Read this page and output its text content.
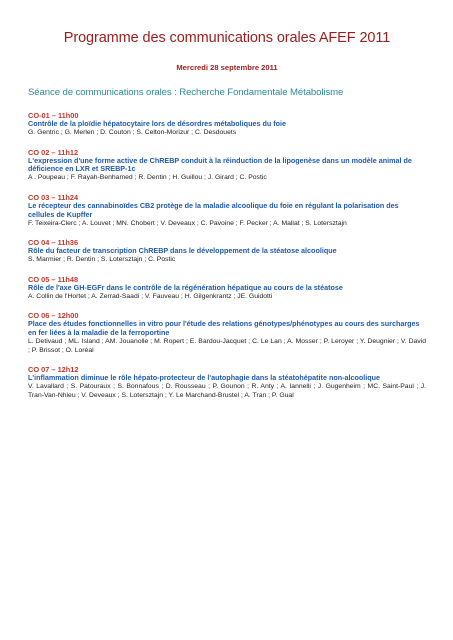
Programme des communications orales AFEF 2011
Mercredi 28 septembre 2011
Séance de communications orales : Recherche Fondamentale Métabolisme
CO-01 – 11h00
Contrôle de la ploïdie hépatocytaire lors de désordres métaboliques du foie
G. Gentric ; G. Merlen ; D. Couton ; S. Celton-Morizur ; C. Desdouets
CO 02 – 11h12
L'expression d'une forme active de ChREBP conduit à la réinduction de la lipogenèse dans un modèle animal de déficience en LXR et SREBP-1c
A . Poupeau ; F. Rayah-Benhamed ; R. Dentin ; H. Guillou ; J. Girard ; C. Postic
CO 03 – 11h24
Le récepteur des cannabinoïdes CB2 protège de la maladie alcoolique du foie en régulant la polarisation des cellules de Kupffer
F. Teixeira-Clerc ; A. Louvet ; MN. Chobert ; V. Deveaux ; C. Pavoine ; F. Pecker ; A. Mallat ; S. Lotersztajn
CO 04 – 11h36
Rôle du facteur de transcription ChREBP dans le développement de la stéatose alcoolique
S. Marmier ; R. Dentin ; S. Lotersztajn ; C. Postic
CO 05 – 11h48
Rôle de l'axe GH-EGFr dans le contrôle de la régénération hépatique au cours de la stéatose
A. Collin de l'Hortet ; A. Zerrad-Saadi ; V. Fauveau ; H. Gilgenkrantz ; JE. Guidotti
CO 06 – 12h00
Place des études fonctionnelles in vitro pour l'étude des relations génotypes/phénotypes au cours des surcharges en fer liées à la maladie de la ferroportine
L. Detivaud ; ML. Island ; AM. Jouanolle ; M. Ropert ; E. Bardou-Jacquet ; C. Le Lan ; A. Mosser ; P. Leroyer ; Y. Deugnier ; V. David ; P. Brissot ; O. Loréal
CO 07 – 12h12
L'inflammation diminue le rôle hépato-protecteur de l'autophagie dans la stéatohépatite non-alcoolique
V. Lavallard ; S. Patouraux ; S. Bonnafous ; D. Rousseau ; P. Gounon ; R. Anty ; A. Iannelli ; J. Gugenheim ; MC. Saint-Paul ; J. Tran-Van-Nhieu ; V. Deveaux ; S. Lotersztajn ; Y. Le Marchand-Brustel ; A. Tran ; P. Gual
